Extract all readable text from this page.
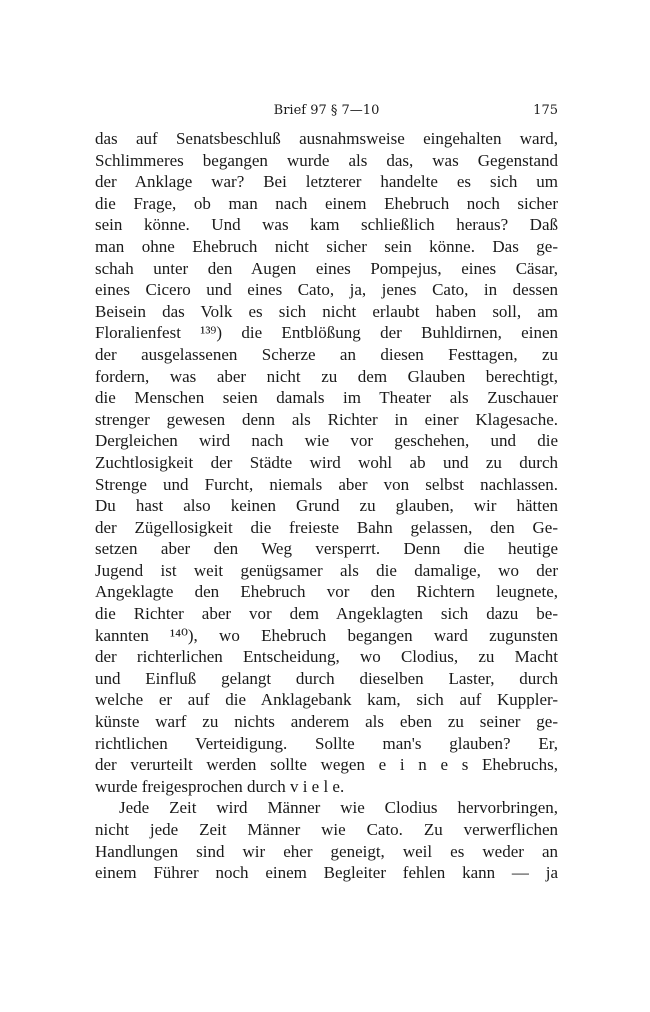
Brief 97 § 7—10	175
das auf Senatsbeschluß ausnahmsweise eingehalten ward,
Schlimmeres begangen wurde als das, was Gegenstand
der Anklage war? Bei letzterer handelte es sich um
die Frage, ob man nach einem Ehebruch noch sicher
sein könne. Und was kam schließlich heraus? Daß
man ohne Ehebruch nicht sicher sein könne. Das ge-
schah unter den Augen eines Pompejus, eines Cäsar,
eines Cicero und eines Cato, ja, jenes Cato, in dessen
Beisein das Volk es sich nicht erlaubt haben soll, am
Floralienfest ¹³⁹) die Entblößung der Buhldirnen, einen
der ausgelassenen Scherze an diesen Festtagen, zu
fordern, was aber nicht zu dem Glauben berechtigt,
die Menschen seien damals im Theater als Zuschauer
strenger gewesen denn als Richter in einer Klagesache.
Dergleichen wird nach wie vor geschehen, und die
Zuchtlosigkeit der Städte wird wohl ab und zu durch
Strenge und Furcht, niemals aber von selbst nachlassen.
Du hast also keinen Grund zu glauben, wir hätten
der Zügellosigkeit die freieste Bahn gelassen, den Ge-
setzen aber den Weg versperrt. Denn die heutige
Jugend ist weit genügsamer als die damalige, wo der
Angeklagte den Ehebruch vor den Richtern leugnete,
die Richter aber vor dem Angeklagten sich dazu be-
kannten ¹⁴⁰), wo Ehebruch begangen ward zugunsten
der richterlichen Entscheidung, wo Clodius, zu Macht
und Einfluß gelangt durch dieselben Laster, durch
welche er auf die Anklagebank kam, sich auf Kuppler-
künste warf zu nichts anderem als eben zu seiner ge-
richtlichen Verteidigung. Sollte man's glauben? Er,
der verurteilt werden sollte wegen e i n e s Ehebruchs,
wurde freigesprochen durch v i e l e.
Jede Zeit wird Männer wie Clodius hervorbringen,
nicht jede Zeit Männer wie Cato. Zu verwerflichen
Handlungen sind wir eher geneigt, weil es weder an
einem Führer noch einem Begleiter fehlen kann — ja
